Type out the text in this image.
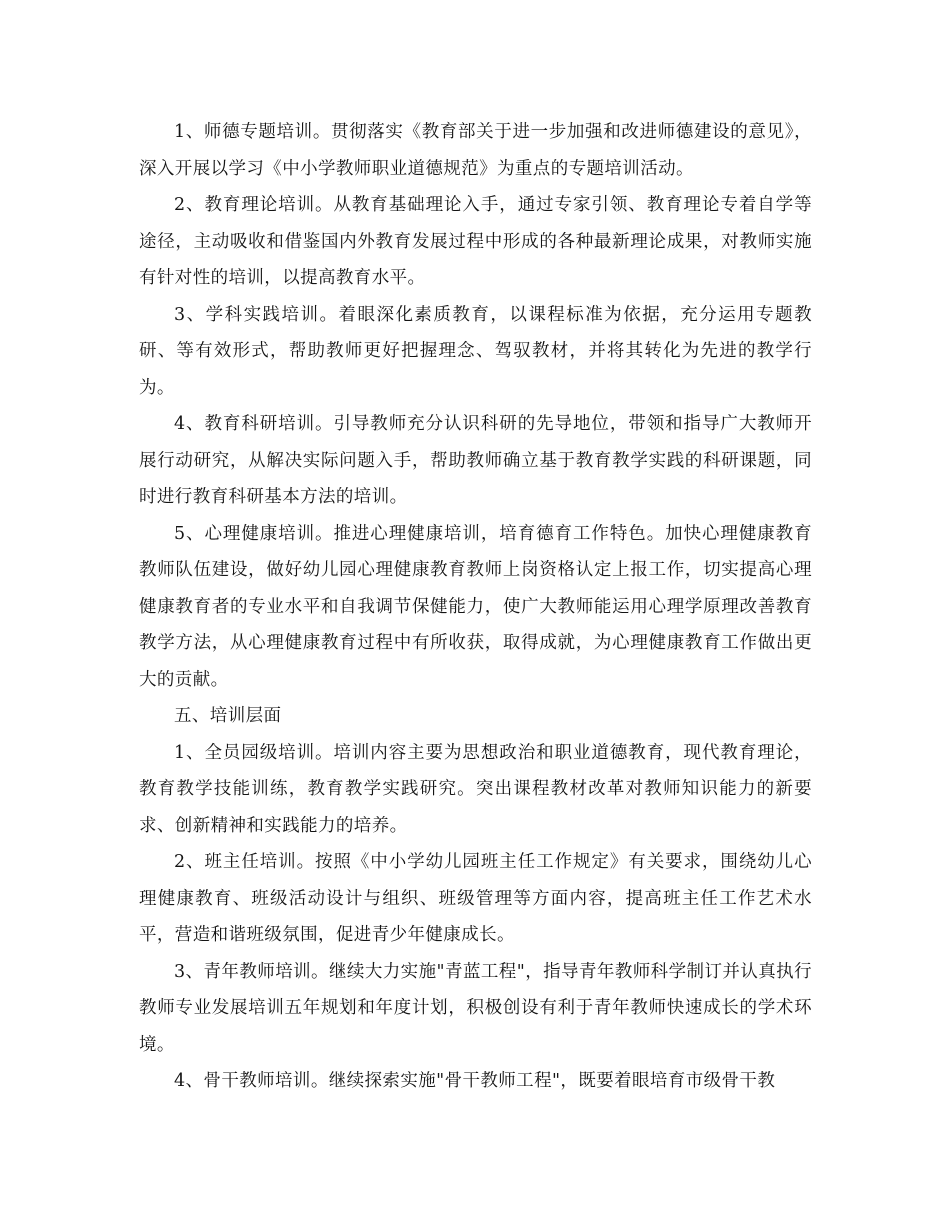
1、师德专题培训。贯彻落实《教育部关于进一步加强和改进师德建设的意见》，深入开展以学习《中小学教师职业道德规范》为重点的专题培训活动。

2、教育理论培训。从教育基础理论入手，通过专家引领、教育理论专着自学等途径，主动吸收和借鉴国内外教育发展过程中形成的各种最新理论成果，对教师实施有针对性的培训，以提高教育水平。

3、学科实践培训。着眼深化素质教育，以课程标准为依据，充分运用专题教研、等有效形式，帮助教师更好把握理念、驾驭教材，并将其转化为先进的教学行为。

4、教育科研培训。引导教师充分认识科研的先导地位，带领和指导广大教师开展行动研究，从解决实际问题入手，帮助教师确立基于教育教学实践的科研课题，同时进行教育科研基本方法的培训。

5、心理健康培训。推进心理健康培训，培育德育工作特色。加快心理健康教育教师队伍建设，做好幼儿园心理健康教育教师上岗资格认定上报工作，切实提高心理健康教育者的专业水平和自我调节保健能力，使广大教师能运用心理学原理改善教育教学方法，从心理健康教育过程中有所收获，取得成就，为心理健康教育工作做出更大的贡献。

五、培训层面

1、全员园级培训。培训内容主要为思想政治和职业道德教育，现代教育理论，教育教学技能训练，教育教学实践研究。突出课程教材改革对教师知识能力的新要求、创新精神和实践能力的培养。

2、班主任培训。按照《中小学幼儿园班主任工作规定》有关要求，围绕幼儿心理健康教育、班级活动设计与组织、班级管理等方面内容，提高班主任工作艺术水平，营造和谐班级氛围，促进青少年健康成长。

3、青年教师培训。继续大力实施"青蓝工程"，指导青年教师科学制订并认真执行教师专业发展培训五年规划和年度计划，积极创设有利于青年教师快速成长的学术环境。

4、骨干教师培训。继续探索实施"骨干教师工程"，既要着眼培育市级骨干教
